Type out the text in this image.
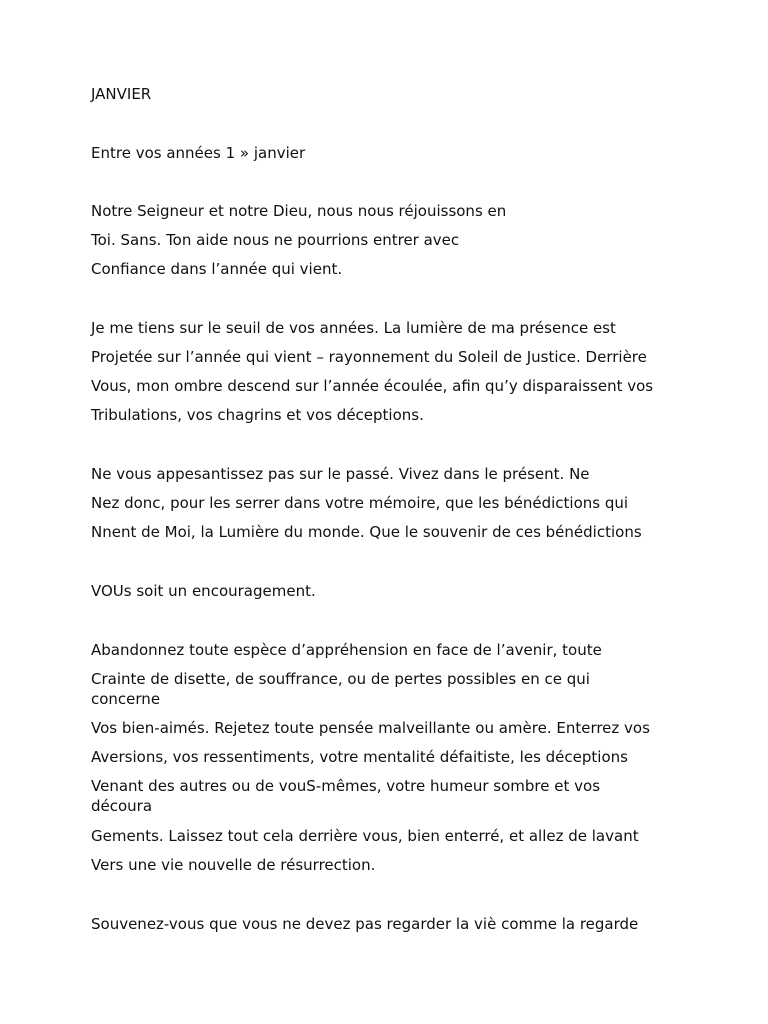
JANVIER
Entre vos années 1 » janvier
Notre Seigneur et notre Dieu, nous nous réjouissons en
Toi. Sans. Ton aide nous ne pourrions entrer avec
Confiance dans l’année qui vient.
Je me tiens sur le seuil de vos années. La lumière de ma présence est
Projetée sur l’année qui vient – rayonnement du Soleil de Justice. Derrière
Vous, mon ombre descend sur l’année écoulée, afin qu’y disparaissent vos
Tribulations, vos chagrins et vos déceptions.
Ne vous appesantissez pas sur le passé. Vivez dans le présent. Ne
Nez donc, pour les serrer dans votre mémoire, que les bénédictions qui
Nnent de Moi, la Lumière du monde. Que le souvenir de ces bénédictions
VOUs soit un encouragement.
Abandonnez toute espèce d’appréhension en face de l’avenir, toute
Crainte de disette, de souffrance, ou de pertes possibles en ce qui concerne
Vos bien-aimés. Rejetez toute pensée malveillante ou amère. Enterrez vos
Aversions, vos ressentiments, votre mentalité défaitiste, les déceptions
Venant des autres ou de vouS-mêmes, votre humeur sombre et vos découra
Gements. Laissez tout cela derrière vous, bien enterré, et allez de lavant
Vers une vie nouvelle de résurrection.
Souvenez-vous que vous ne devez pas regarder la viè comme la regarde
